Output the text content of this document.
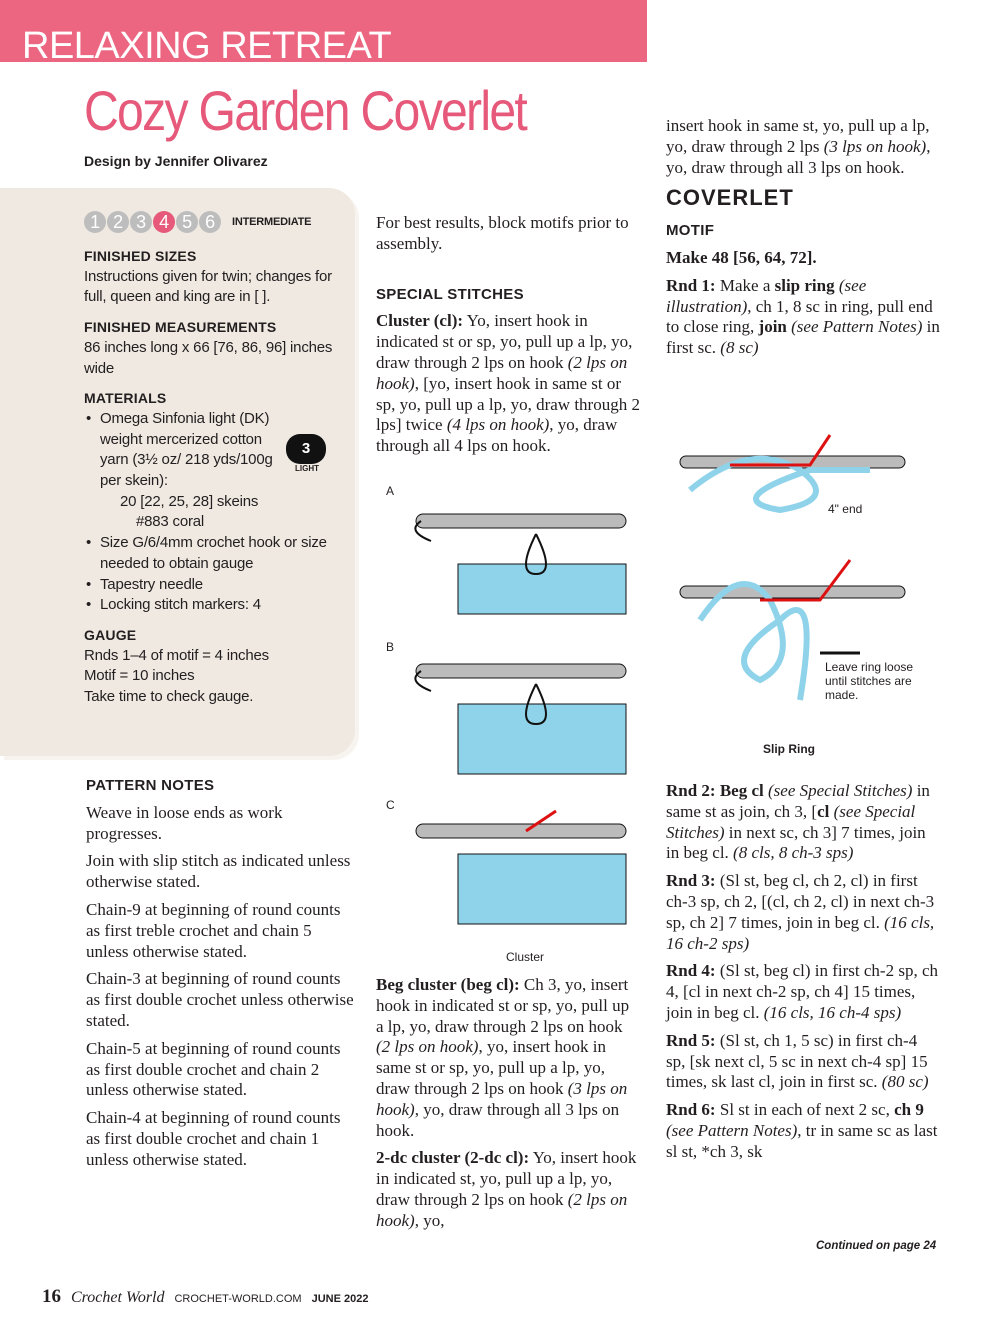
RELAXING RETREAT
Cozy Garden Coverlet
Design by Jennifer Olivarez
1 2 3 4 5 6	INTERMEDIATE
FINISHED SIZES
Instructions given for twin; changes for full, queen and king are in [ ].
FINISHED MEASUREMENTS
86 inches long x 66 [76, 86, 96] inches wide
MATERIALS
• Omega Sinfonia light (DK) weight mercerized cotton yarn (3½ oz/ 218 yds/100g per skein):
20 [22, 25, 28] skeins
#883 coral
• Size G/6/4mm crochet hook or size needed to obtain gauge
• Tapestry needle
• Locking stitch markers: 4
GAUGE
Rnds 1–4 of motif = 4 inches
Motif = 10 inches
Take time to check gauge.
3
LIGHT
PATTERN NOTES

Weave in loose ends as work progresses.

Join with slip stitch as indicated unless otherwise stated.

Chain-9 at beginning of round counts as first treble crochet and chain 5 unless otherwise stated.

Chain-3 at beginning of round counts as first double crochet unless otherwise stated.

Chain-5 at beginning of round counts as first double crochet and chain 2 unless otherwise stated.

Chain-4 at beginning of round counts as first double crochet and chain 1 unless otherwise stated.

For best results, block motifs prior to assembly.

SPECIAL STITCHES

Cluster (cl): Yo, insert hook in indicated st or sp, yo, pull up a lp, yo, draw through 2 lps on hook (2 lps on hook), [yo, insert hook in same st or sp, yo, pull up a lp, yo, draw through 2 lps] twice (4 lps on hook), yo, draw through all 4 lps on hook.

A
B
C
Cluster

Beg cluster (beg cl): Ch 3, yo, insert hook in indicated st or sp, yo, pull up a lp, yo, draw through 2 lps on hook (2 lps on hook), yo, insert hook in same st or sp, yo, pull up a lp, yo, draw through 2 lps on hook (3 lps on hook), yo, draw through all 3 lps on hook.

2-dc cluster (2-dc cl): Yo, insert hook in indicated st, yo, pull up a lp, yo, draw through 2 lps on hook (2 lps on hook), yo,

insert hook in same st, yo, pull up a lp, yo, draw through 2 lps (3 lps on hook), yo, draw through all 3 lps on hook.

COVERLET
MOTIF

Make 48 [56, 64, 72].

Rnd 1: Make a slip ring (see illustration), ch 1, 8 sc in ring, pull end to close ring, join (see Pattern Notes) in first sc. (8 sc)

4" end
Leave ring loose until stitches are made.
Slip Ring

Rnd 2: Beg cl (see Special Stitches) in same st as join, ch 3, [cl (see Special Stitches) in next sc, ch 3] 7 times, join in beg cl. (8 cls, 8 ch-3 sps)

Rnd 3: (Sl st, beg cl, ch 2, cl) in first ch-3 sp, ch 2, [(cl, ch 2, cl) in next ch-3 sp, ch 2] 7 times, join in beg cl. (16 cls, 16 ch-2 sps)

Rnd 4: (Sl st, beg cl) in first ch-2 sp, ch 4, [cl in next ch-2 sp, ch 4] 15 times, join in beg cl. (16 cls, 16 ch-4 sps)

Rnd 5: (Sl st, ch 1, 5 sc) in first ch-4 sp, [sk next cl, 5 sc in next ch-4 sp] 15 times, sk last cl, join in first sc. (80 sc)

Rnd 6: Sl st in each of next 2 sc, ch 9 (see Pattern Notes), tr in same sc as last sl st, *ch 3, sk

Continued on page 24
16 Crochet World CROCHET-WORLD.COM JUNE 2022
